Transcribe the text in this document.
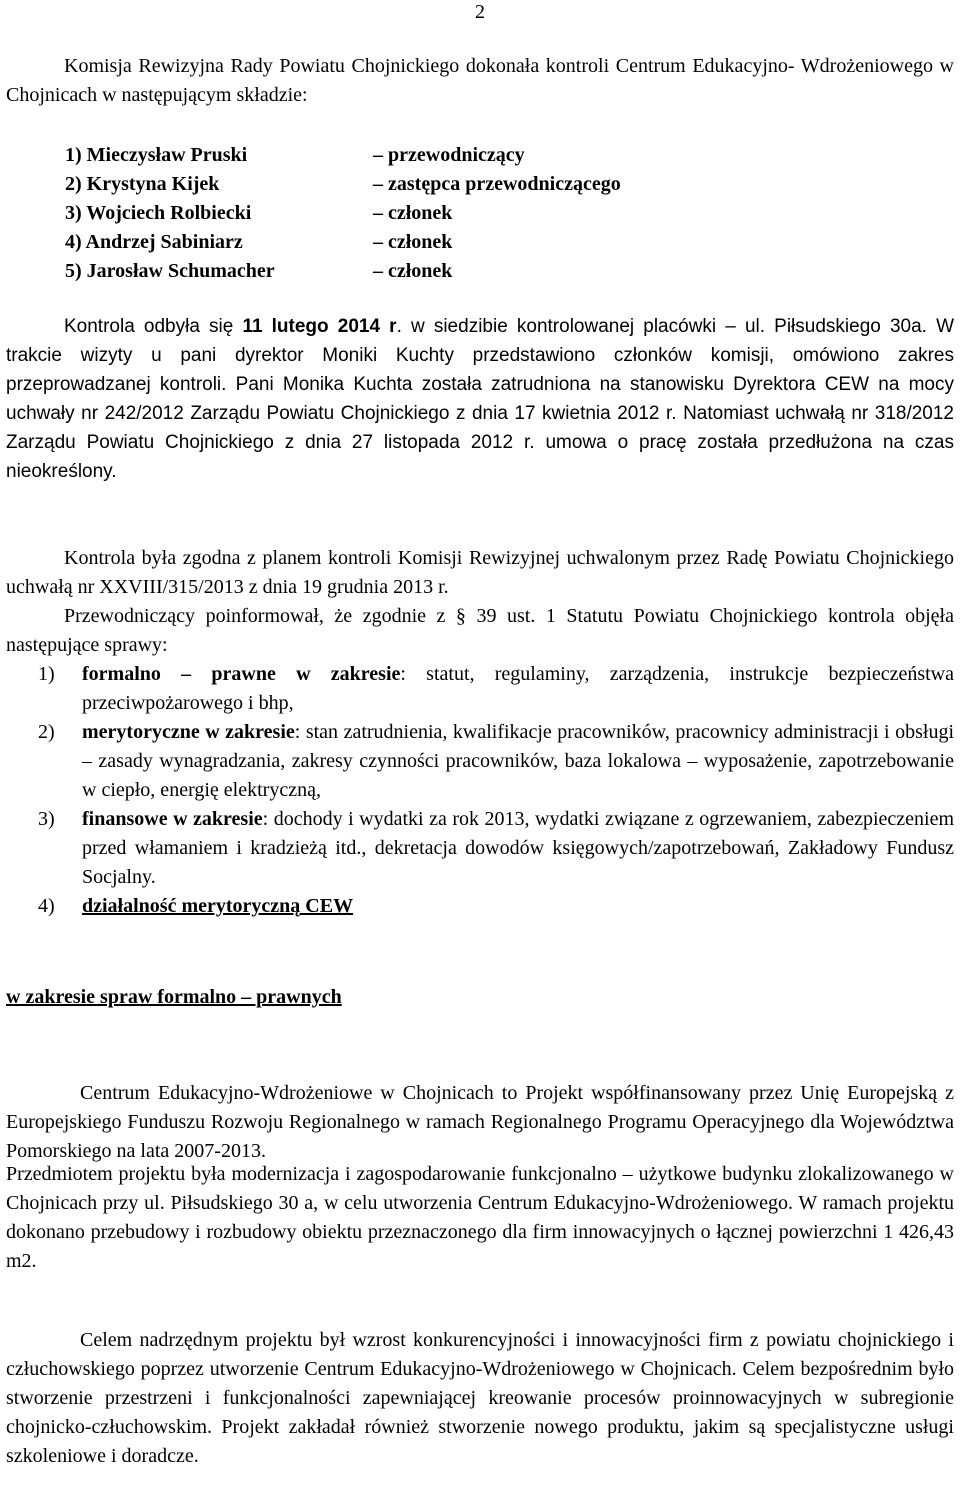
2
Komisja Rewizyjna Rady Powiatu Chojnickiego dokonała kontroli Centrum Edukacyjno- Wdrożeniowego w Chojnicach w następującym składzie:
1) Mieczysław Pruski	– przewodniczący
2) Krystyna Kijek	– zastępca przewodniczącego
3) Wojciech Rolbiecki	– członek
4) Andrzej Sabiniarz	– członek
5) Jarosław Schumacher	– członek
Kontrola odbyła się 11 lutego 2014 r. w siedzibie kontrolowanej placówki – ul. Piłsudskiego 30a. W trakcie wizyty u pani dyrektor Moniki Kuchty przedstawiono członków komisji, omówiono zakres przeprowadzanej kontroli. Pani Monika Kuchta została zatrudniona na stanowisku Dyrektora CEW na mocy uchwały nr 242/2012 Zarządu Powiatu Chojnickiego z dnia 17 kwietnia 2012 r. Natomiast uchwałą nr 318/2012 Zarządu Powiatu Chojnickiego z dnia 27 listopada 2012 r. umowa o pracę została przedłużona na czas nieokreślony.
Kontrola była zgodna z planem kontroli Komisji Rewizyjnej uchwalonym przez Radę Powiatu Chojnickiego uchwałą nr XXVIII/315/2013 z dnia 19 grudnia 2013 r.
Przewodniczący poinformował, że zgodnie z § 39 ust. 1 Statutu Powiatu Chojnickiego kontrola objęła następujące sprawy:
1) formalno – prawne w zakresie: statut, regulaminy, zarządzenia, instrukcje bezpieczeństwa przeciwpożarowego i bhp,
2) merytoryczne w zakresie: stan zatrudnienia, kwalifikacje pracowników, pracownicy administracji i obsługi – zasady wynagradzania, zakresy czynności pracowników, baza lokalowa – wyposażenie, zapotrzebowanie w ciepło, energię elektryczną,
3) finansowe w zakresie: dochody i wydatki za rok 2013, wydatki związane z ogrzewaniem, zabezpieczeniem przed włamaniem i kradzieżą itd., dekretacja dowodów księgowych/zapotrzebowań, Zakładowy Fundusz Socjalny.
4) działalność merytoryczną CEW
w zakresie spraw formalno – prawnych
Centrum Edukacyjno-Wdrożeniowe w Chojnicach to Projekt współfinansowany przez Unię Europejską z Europejskiego Funduszu Rozwoju Regionalnego w ramach Regionalnego Programu Operacyjnego dla Województwa Pomorskiego na lata 2007-2013.
Przedmiotem projektu była modernizacja i zagospodarowanie funkcjonalno – użytkowe budynku zlokalizowanego w Chojnicach przy ul. Piłsudskiego 30 a, w celu utworzenia Centrum Edukacyjno-Wdrożeniowego. W ramach projektu dokonano przebudowy i rozbudowy obiektu przeznaczonego dla firm innowacyjnych o łącznej powierzchni 1 426,43 m2.
Celem nadrzędnym projektu był wzrost konkurencyjności i innowacyjności firm z powiatu chojnickiego i człuchowskiego poprzez utworzenie Centrum Edukacyjno-Wdrożeniowego w Chojnicach. Celem bezpośrednim było stworzenie przestrzeni i funkcjonalności zapewniającej kreowanie procesów proinnowacyjnych w subregionie chojnicko-człuchowskim. Projekt zakładał również stworzenie nowego produktu, jakim są specjalistyczne usługi szkoleniowe i doradcze.
